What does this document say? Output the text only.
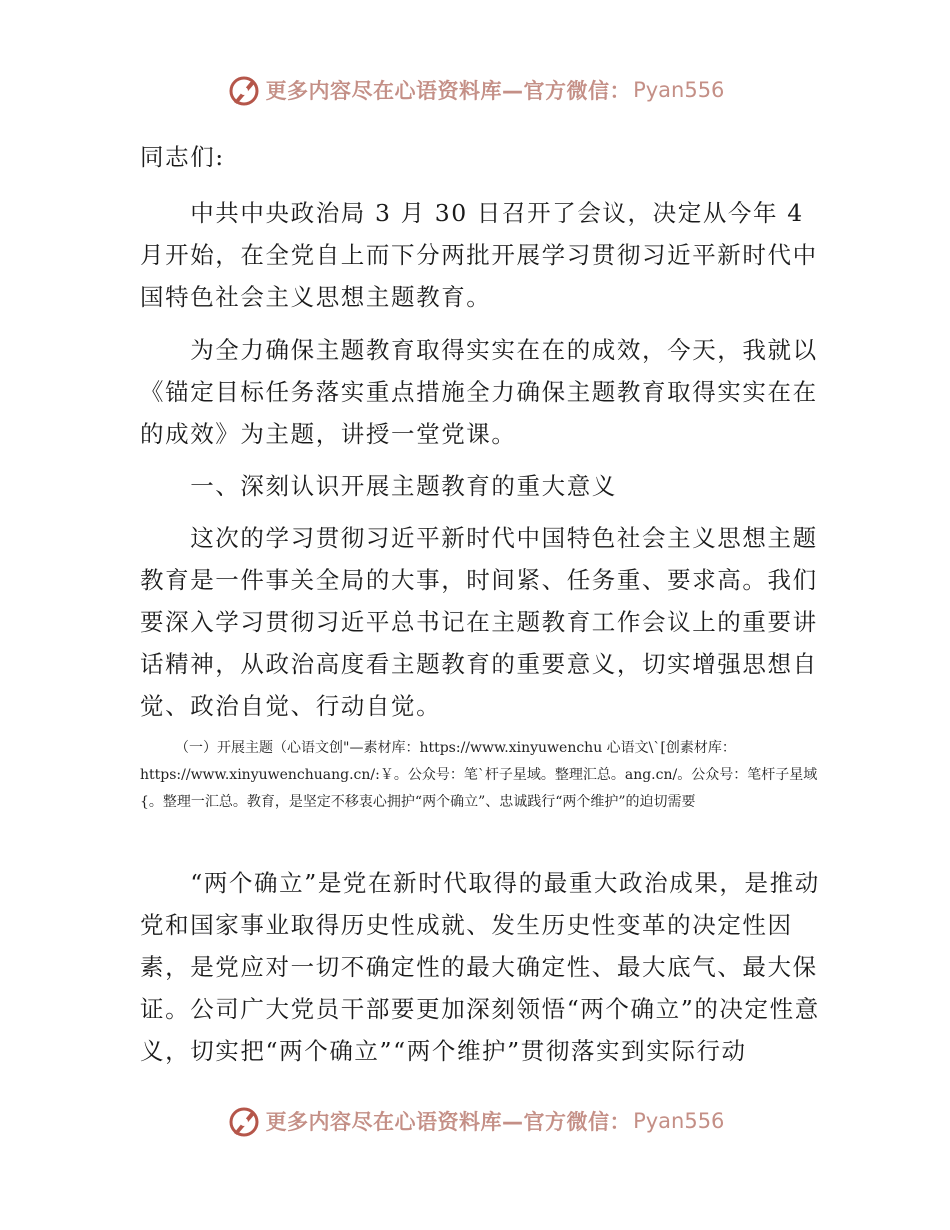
更多内容尽在心语资料库—官方微信： Pyan556

同志们:

　　中共中央政治局 3 月 30 日召开了会议，决定从今年 4 月开始，在全党自上而下分两批开展学习贯彻习近平新时代中国特色社会主义思想主题教育。

　　为全力确保主题教育取得实实在在的成效，今天，我就以《锚定目标任务落实重点措施全力确保主题教育取得实实在在的成效》为主题，讲授一堂党课。

　　一、深刻认识开展主题教育的重大意义

　　这次的学习贯彻习近平新时代中国特色社会主义思想主题教育是一件事关全局的大事，时间紧、任务重、要求高。我们要深入学习贯彻习近平总书记在主题教育工作会议上的重要讲话精神，从政治高度看主题教育的重要意义，切实增强思想自觉、政治自觉、行动自觉。

　　　（一）开展主题（心语文创"—素材库：https://www.xinyuwenchu 心语文\`[创素材库：https://www.xinyuwenchuang.cn/:￥。公众号：笔`杆子星域。整理汇总。ang.cn/。公众号：笔杆子星域{。整理一汇总。教育，是坚定不移衷心拥护“两个确立”、忠诚践行“两个维护”的迫切需要

　　“两个确立”是党在新时代取得的最重大政治成果，是推动党和国家事业取得历史性成就、发生历史性变革的决定性因素，是党应对一切不确定性的最大确定性、最大底气、最大保证。公司广大党员干部要更加深刻领悟“两个确立”的决定性意义，切实把“两个确立”“两个维护”贯彻落实到实际行动

更多内容尽在心语资料库—官方微信： Pyan556
